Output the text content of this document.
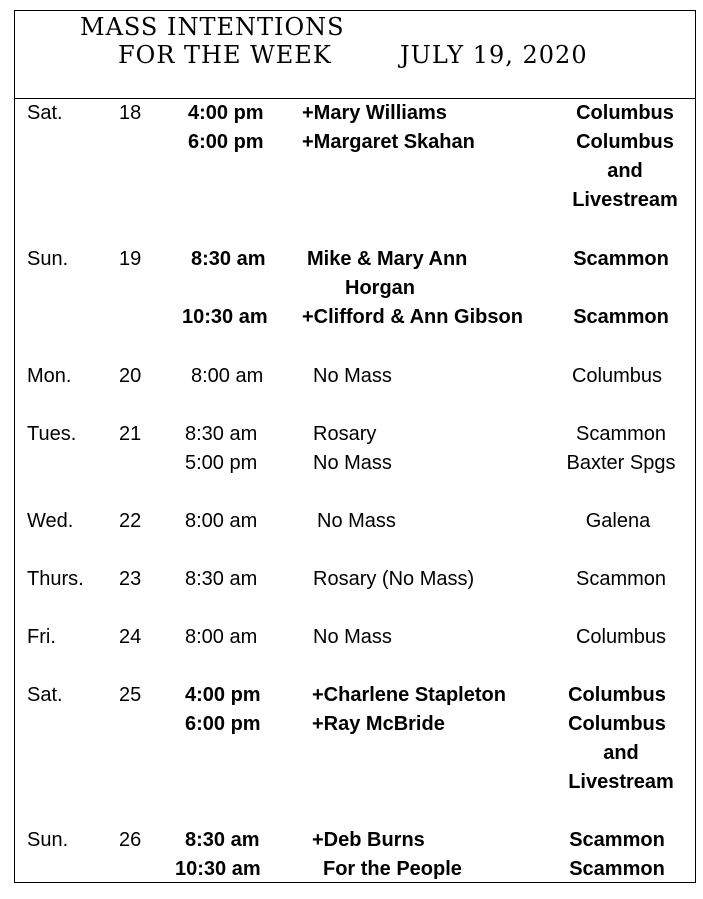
MASS INTENTIONS
FOR THE WEEK	JULY 19, 2020
Sat.	18 4:00 pm +Mary Williams	Columbus
6:00 pm +Margaret Skahan	Columbus
and
Livestream
Sun.	19 8:30 am Mike & Mary Ann	Scammon
Horgan
10:30 am +Clifford & Ann Gibson	Scammon
Mon. 20 8:00 am No Mass	Columbus
Tues. 21 8:30 am	Rosary	Scammon
5:00 pm	No Mass	Baxter Spgs
Wed. 22 8:00 am	No Mass	Galena
Thurs. 23 8:30 am	Rosary (No Mass)	Scammon
Fri.	24 8:00 am	No Mass	Columbus
Sat.	25 4:00 pm	+Charlene Stapleton	Columbus
6:00 pm	+Ray McBride	Columbus
and
Livestream
Sun.	26 8:30 am	+Deb Burns	Scammon
10:30 am	For the People	Scammon
